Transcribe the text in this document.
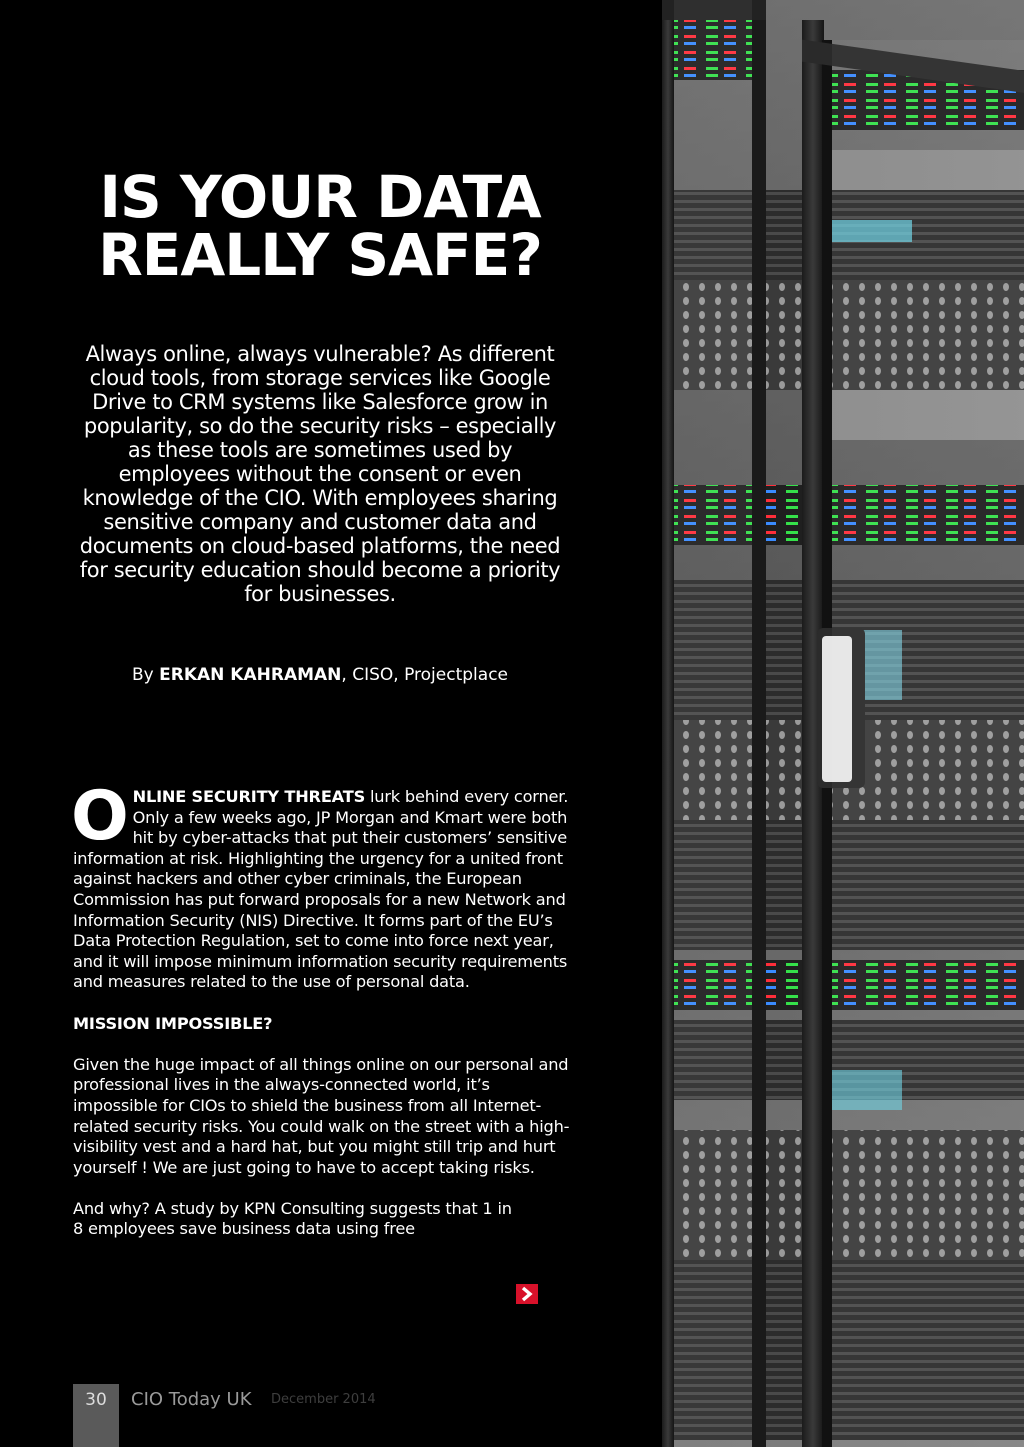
IS YOUR DATA
REALLY SAFE?
Always online, always vulnerable? As different cloud tools, from storage services like Google Drive to CRM systems like Salesforce grow in popularity, so do the security risks – especially as these tools are sometimes used by employees without the consent or even knowledge of the CIO. With employees sharing sensitive company and customer data and documents on cloud-based platforms, the need for security education should become a priority for businesses.
By ERKAN KAHRAMAN, CISO, Projectplace

ONLINE SECURITY THREATS lurk behind every corner. Only a few weeks ago, JP Morgan and Kmart were both hit by cyber-attacks that put their customers’ sensitive information at risk. Highlighting the urgency for a united front against hackers and other cyber criminals, the European Commission has put forward proposals for a new Network and Information Security (NIS) Directive. It forms part of the EU’s Data Protection Regulation, set to come into force next year, and it will impose minimum information security requirements and measures related to the use of personal data.

MISSION IMPOSSIBLE?

Given the huge impact of all things online on our personal and professional lives in the always-connected world, it’s impossible for CIOs to shield the business from all Internet-related security risks. You could walk on the street with a high-visibility vest and a hard hat, but you might still trip and hurt yourself ! We are just going to have to accept taking risks.

And why? A study by KPN Consulting suggests that 1 in 8 employees save business data using free

30	CIO Today UK December 2014
